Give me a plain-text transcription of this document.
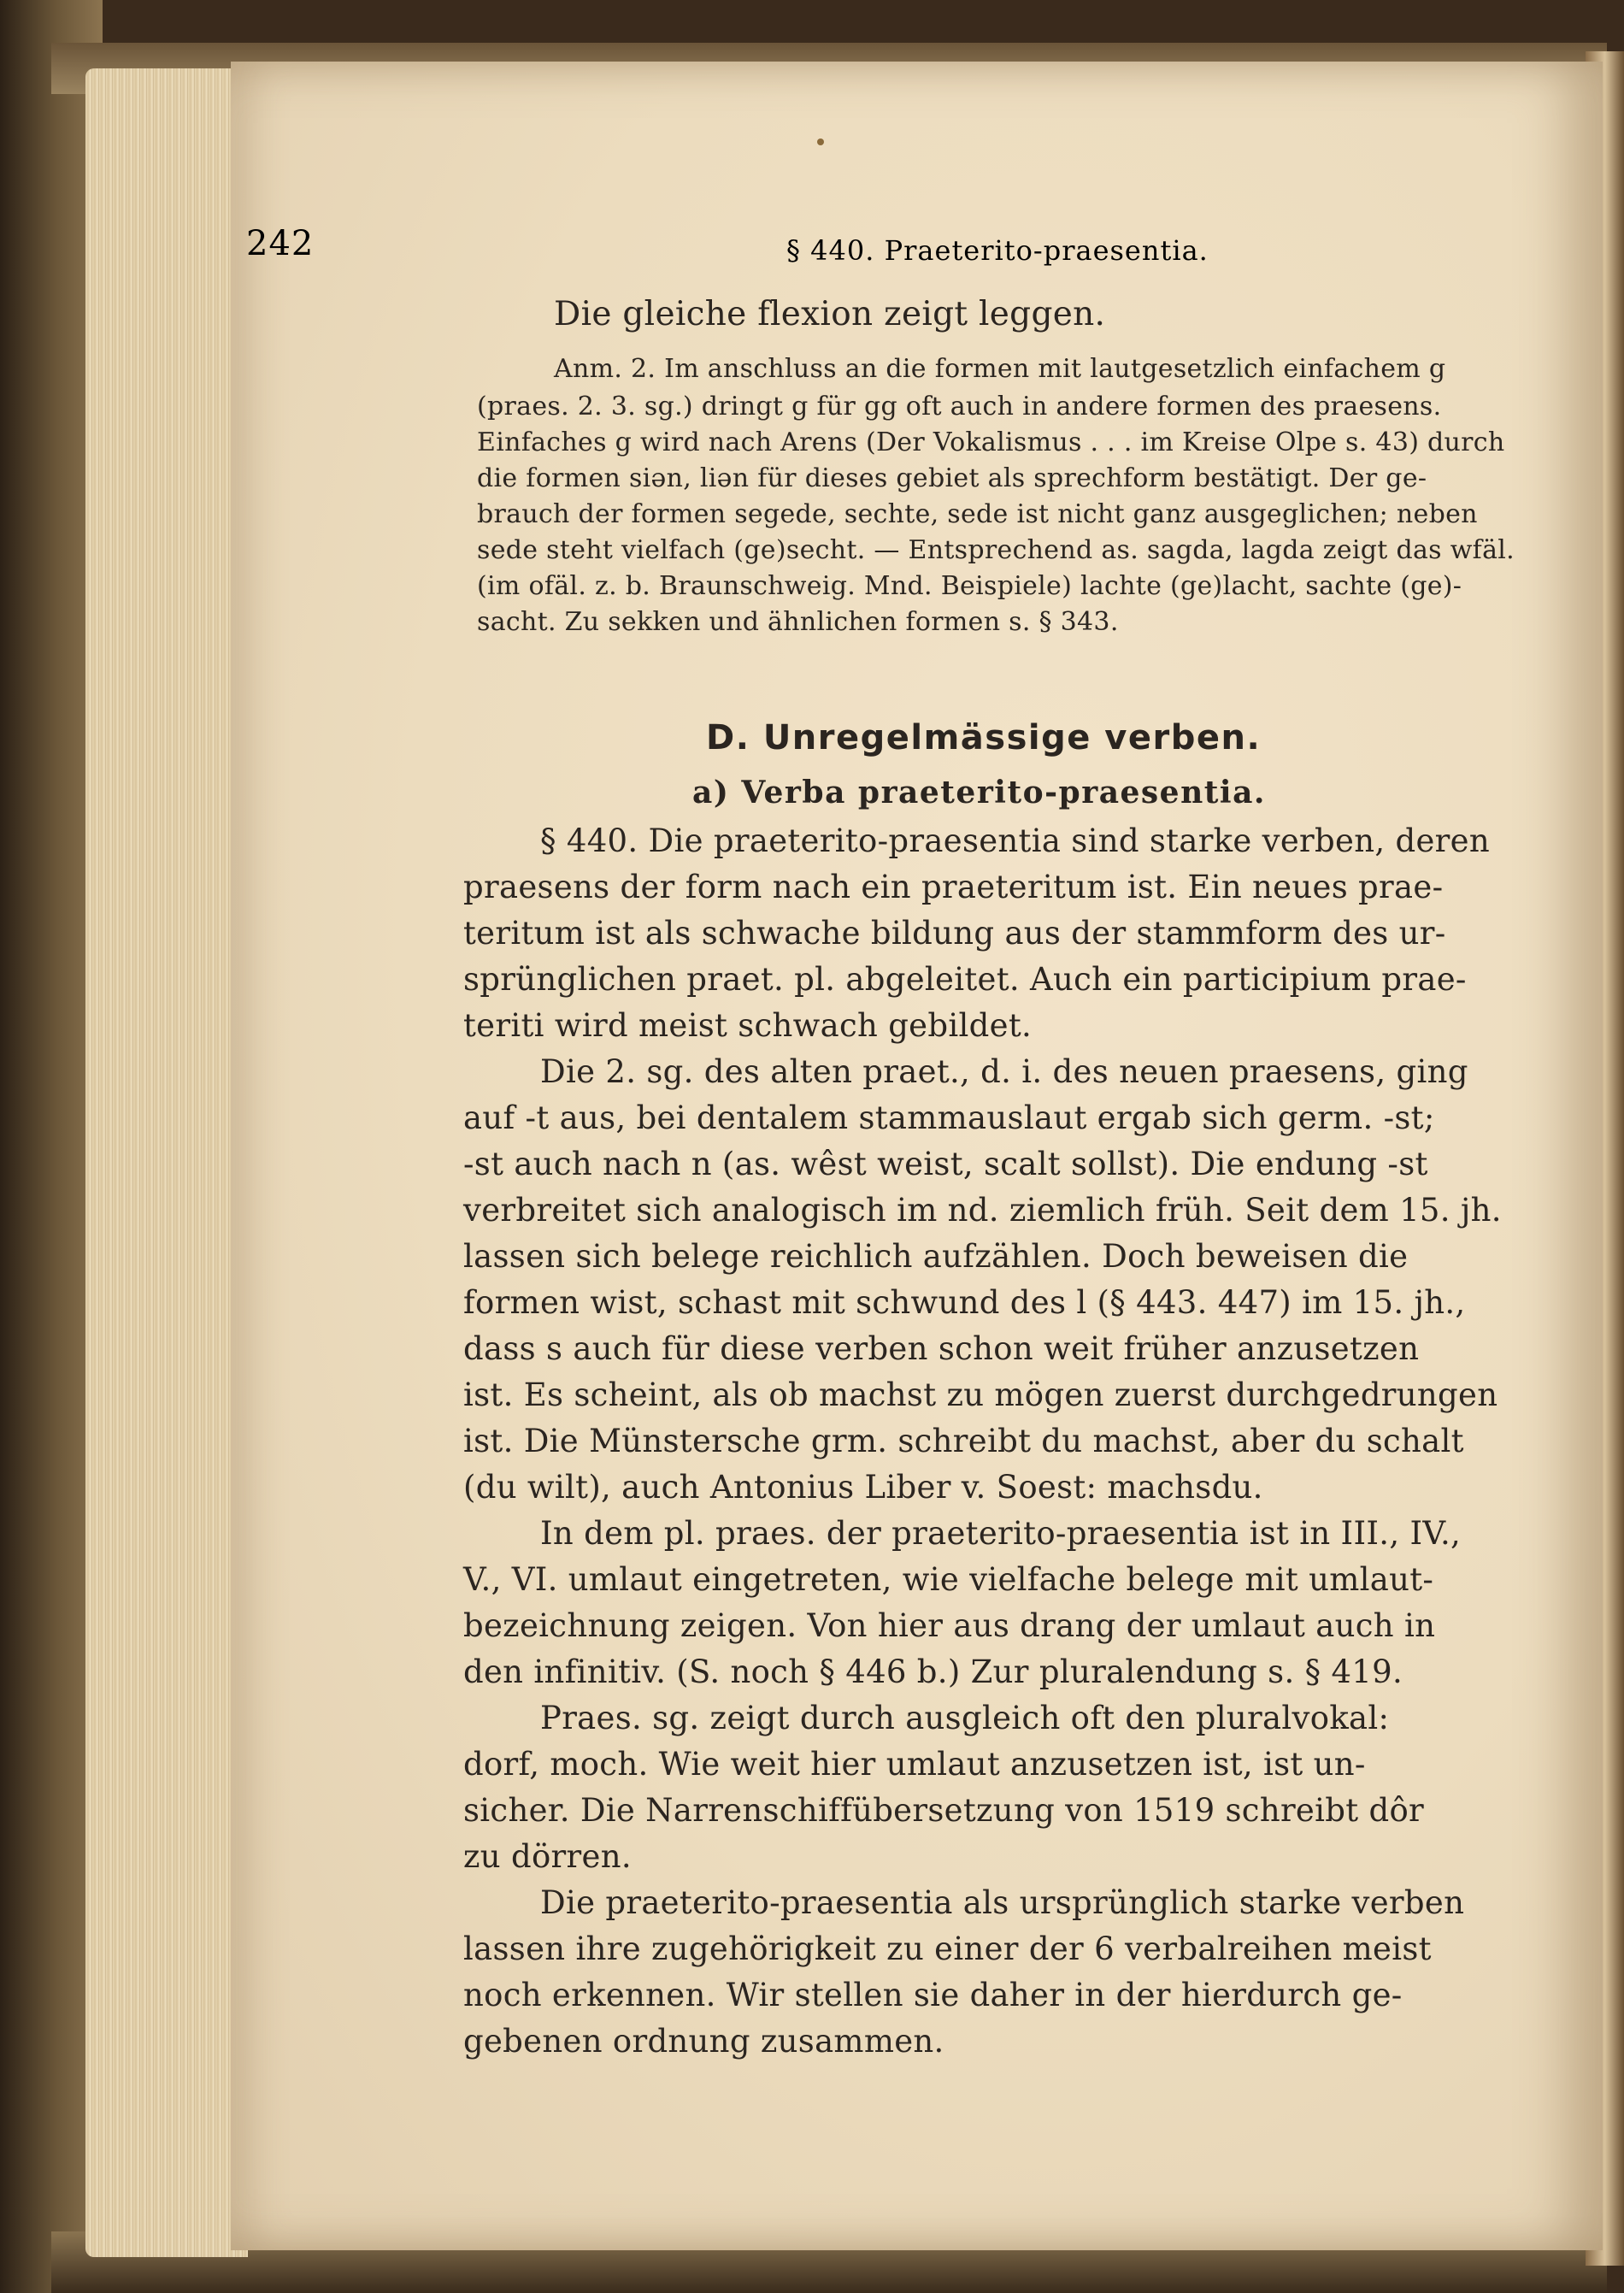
242	§ 440. Praeterito-praesentia.
Die gleiche flexion zeigt leggen.
Anm. 2. Im anschluss an die formen mit lautgesetzlich einfachem g
(praes. 2. 3. sg.) dringt g für gg oft auch in andere formen des praesens.
Einfaches g wird nach Arens (Der Vokalismus . . . im Kreise Olpe s. 43) durch
die formen siən, liən für dieses gebiet als sprechform bestätigt. Der ge-
brauch der formen segede, sechte, sede ist nicht ganz ausgeglichen; neben
sede steht vielfach (ge)secht. — Entsprechend as. sagda, lagda zeigt das wfäl.
(im ofäl. z. b. Braunschweig. Mnd. Beispiele) lachte (ge)lacht, sachte (ge)-
sacht. Zu sekken und ähnlichen formen s. § 343.
D. Unregelmässige verben.
a) Verba praeterito-praesentia.
§ 440. Die praeterito-praesentia sind starke verben, deren
praesens der form nach ein praeteritum ist. Ein neues prae-
teritum ist als schwache bildung aus der stammform des ur-
sprünglichen praet. pl. abgeleitet. Auch ein participium prae-
teriti wird meist schwach gebildet.
Die 2. sg. des alten praet., d. i. des neuen praesens, ging
auf -t aus, bei dentalem stammauslaut ergab sich germ. -st;
-st auch nach n (as. wêst weist, scalt sollst). Die endung -st
verbreitet sich analogisch im nd. ziemlich früh. Seit dem 15. jh.
lassen sich belege reichlich aufzählen. Doch beweisen die
formen wist, schast mit schwund des l (§ 443. 447) im 15. jh.,
dass s auch für diese verben schon weit früher anzusetzen
ist. Es scheint, als ob machst zu mögen zuerst durchgedrungen
ist. Die Münstersche grm. schreibt du machst, aber du schalt
(du wilt), auch Antonius Liber v. Soest: machsdu.
In dem pl. praes. der praeterito-praesentia ist in III., IV.,
V., VI. umlaut eingetreten, wie vielfache belege mit umlaut-
bezeichnung zeigen. Von hier aus drang der umlaut auch in
den infinitiv. (S. noch § 446 b.) Zur pluralendung s. § 419.
Praes. sg. zeigt durch ausgleich oft den pluralvokal:
dorf, moch. Wie weit hier umlaut anzusetzen ist, ist un-
sicher. Die Narrenschiffübersetzung von 1519 schreibt dôr
zu dörren.
Die praeterito-praesentia als ursprünglich starke verben
lassen ihre zugehörigkeit zu einer der 6 verbalreihen meist
noch erkennen. Wir stellen sie daher in der hierdurch ge-
gebenen ordnung zusammen.
